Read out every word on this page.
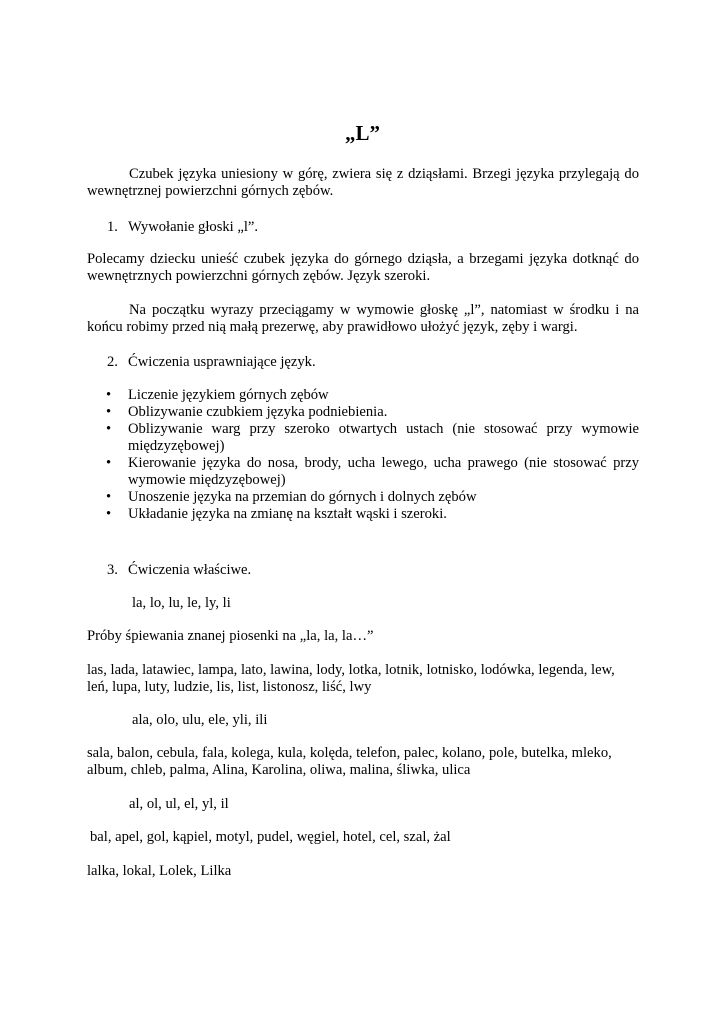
„L”
Czubek języka uniesiony w górę, zwiera się z dziąsłami. Brzegi języka przylegają do wewnętrznej powierzchni górnych zębów.
1. Wywołanie głoski „l”.
Polecamy dziecku unieść czubek języka do górnego dziąsła, a brzegami języka dotknąć do wewnętrznych powierzchni górnych zębów. Język szeroki.
Na początku wyrazy przeciągamy w wymowie głoskę „l”, natomiast w środku i na końcu robimy przed nią małą prezerwę, aby prawidłowo ułożyć język, zęby i wargi.
2. Ćwiczenia usprawniające język.
• Liczenie językiem górnych zębów
• Oblizywanie czubkiem języka podniebienia.
• Oblizywanie warg przy szeroko otwartych ustach (nie stosować przy wymowie międzyzębowej)
• Kierowanie języka do nosa, brody, ucha lewego, ucha prawego (nie stosować przy wymowie międzyzębowej)
• Unoszenie języka na przemian do górnych i dolnych zębów
• Układanie języka na zmianę na kształt wąski i szeroki.
3. Ćwiczenia właściwe.
la, lo, lu, le, ly, li
Próby śpiewania znanej piosenki na „la, la, la…”
las, lada, latawiec, lampa, lato, lawina, lody, lotka, lotnik, lotnisko, lodówka, legenda, lew, leń, lupa, luty, ludzie, lis, list, listonosz, liść, lwy
ala, olo, ulu, ele, yli, ili
sala, balon, cebula, fala, kolega, kula, kolęda, telefon, palec, kolano, pole, butelka, mleko, album, chleb, palma, Alina, Karolina, oliwa, malina, śliwka, ulica
al, ol, ul, el, yl, il
bal, apel, gol, kąpiel, motyl, pudel, węgiel, hotel, cel, szal, żal
lalka, lokal, Lolek, Lilka
